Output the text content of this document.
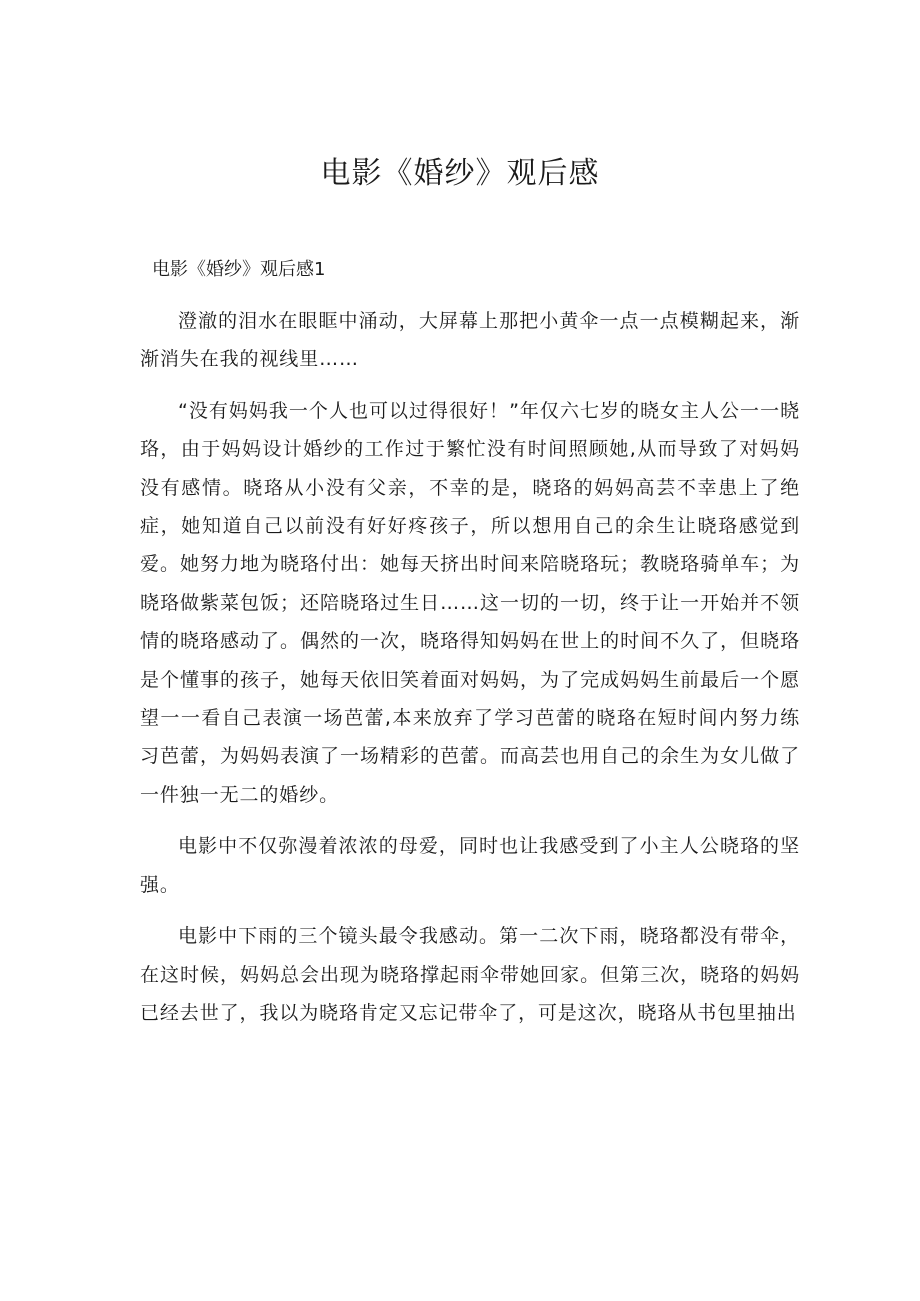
电影《婚纱》观后感
电影《婚纱》观后感1

澄澈的泪水在眼眶中涌动，大屏幕上那把小黄伞一点一点模糊起来，渐渐消失在我的视线里……

“没有妈妈我一个人也可以过得很好！”年仅六七岁的晓女主人公一一晓珞，由于妈妈设计婚纱的工作过于繁忙没有时间照顾她,从而导致了对妈妈没有感情。晓珞从小没有父亲，不幸的是，晓珞的妈妈高芸不幸患上了绝症，她知道自己以前没有好好疼孩子，所以想用自己的余生让晓珞感觉到爱。她努力地为晓珞付出：她每天挤出时间来陪晓珞玩；教晓珞骑单车；为晓珞做紫菜包饭；还陪晓珞过生日……这一切的一切，终于让一开始并不领情的晓珞感动了。偶然的一次，晓珞得知妈妈在世上的时间不久了，但晓珞是个懂事的孩子，她每天依旧笑着面对妈妈，为了完成妈妈生前最后一个愿望一一看自己表演一场芭蕾,本来放弃了学习芭蕾的晓珞在短时间内努力练习芭蕾，为妈妈表演了一场精彩的芭蕾。而高芸也用自己的余生为女儿做了一件独一无二的婚纱。

电影中不仅弥漫着浓浓的母爱，同时也让我感受到了小主人公晓珞的坚强。

电影中下雨的三个镜头最令我感动。第一二次下雨，晓珞都没有带伞，在这时候，妈妈总会出现为晓珞撑起雨伞带她回家。但第三次，晓珞的妈妈已经去世了，我以为晓珞肯定又忘记带伞了，可是这次，晓珞从书包里抽出
